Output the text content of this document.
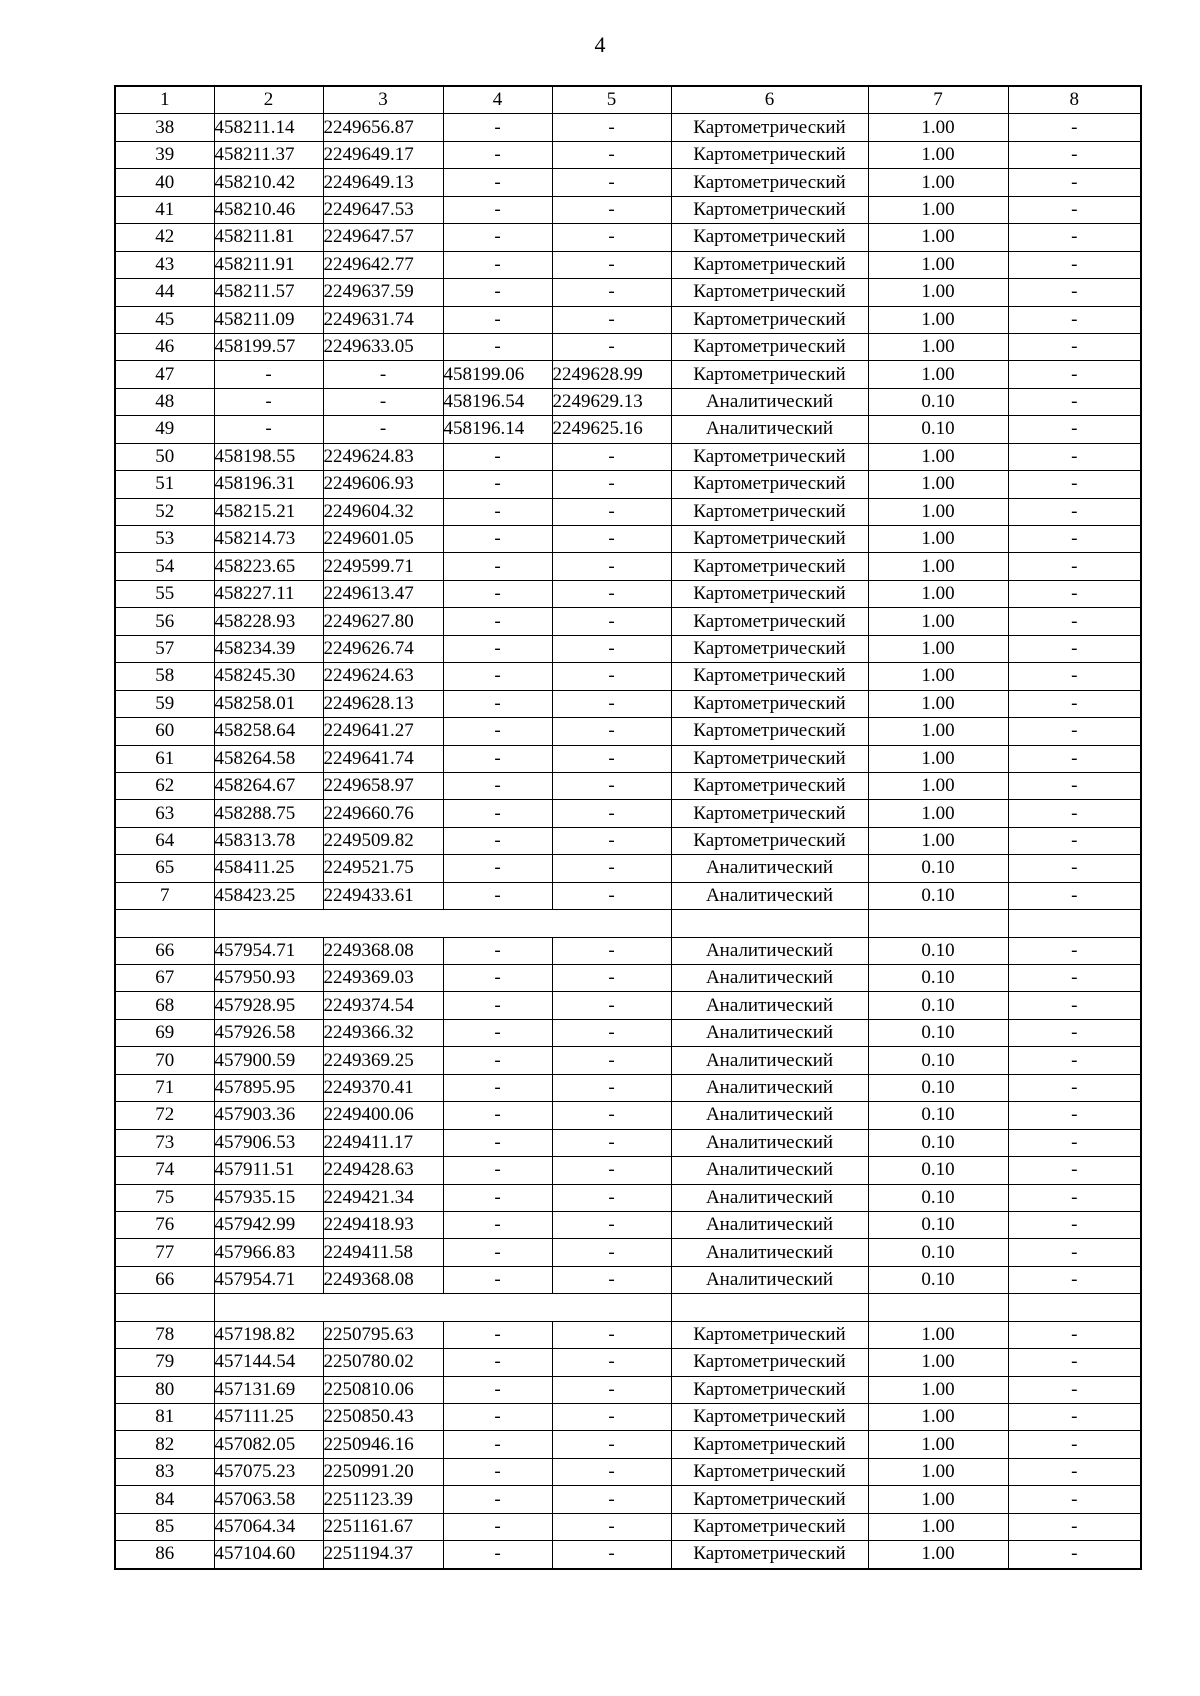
4
1	2	3	4	5	6	7	8
38	458211.14	2249656.87	-	-	Картометрический	1.00	-
39	458211.37	2249649.17	-	-	Картометрический	1.00	-
40	458210.42	2249649.13	-	-	Картометрический	1.00	-
41	458210.46	2249647.53	-	-	Картометрический	1.00	-
42	458211.81	2249647.57	-	-	Картометрический	1.00	-
43	458211.91	2249642.77	-	-	Картометрический	1.00	-
44	458211.57	2249637.59	-	-	Картометрический	1.00	-
45	458211.09	2249631.74	-	-	Картометрический	1.00	-
46	458199.57	2249633.05	-	-	Картометрический	1.00	-
47	-	-	458199.06	2249628.99	Картометрический	1.00	-
48	-	-	458196.54	2249629.13	Аналитический	0.10	-
49	-	-	458196.14	2249625.16	Аналитический	0.10	-
50	458198.55	2249624.83	-	-	Картометрический	1.00	-
51	458196.31	2249606.93	-	-	Картометрический	1.00	-
52	458215.21	2249604.32	-	-	Картометрический	1.00	-
53	458214.73	2249601.05	-	-	Картометрический	1.00	-
54	458223.65	2249599.71	-	-	Картометрический	1.00	-
55	458227.11	2249613.47	-	-	Картометрический	1.00	-
56	458228.93	2249627.80	-	-	Картометрический	1.00	-
57	458234.39	2249626.74	-	-	Картометрический	1.00	-
58	458245.30	2249624.63	-	-	Картометрический	1.00	-
59	458258.01	2249628.13	-	-	Картометрический	1.00	-
60	458258.64	2249641.27	-	-	Картометрический	1.00	-
61	458264.58	2249641.74	-	-	Картометрический	1.00	-
62	458264.67	2249658.97	-	-	Картометрический	1.00	-
63	458288.75	2249660.76	-	-	Картометрический	1.00	-
64	458313.78	2249509.82	-	-	Картометрический	1.00	-
65	458411.25	2249521.75	-	-	Аналитический	0.10	-
7	458423.25	2249433.61	-	-	Аналитический	0.10	-

66	457954.71	2249368.08	-	-	Аналитический	0.10	-
67	457950.93	2249369.03	-	-	Аналитический	0.10	-
68	457928.95	2249374.54	-	-	Аналитический	0.10	-
69	457926.58	2249366.32	-	-	Аналитический	0.10	-
70	457900.59	2249369.25	-	-	Аналитический	0.10	-
71	457895.95	2249370.41	-	-	Аналитический	0.10	-
72	457903.36	2249400.06	-	-	Аналитический	0.10	-
73	457906.53	2249411.17	-	-	Аналитический	0.10	-
74	457911.51	2249428.63	-	-	Аналитический	0.10	-
75	457935.15	2249421.34	-	-	Аналитический	0.10	-
76	457942.99	2249418.93	-	-	Аналитический	0.10	-
77	457966.83	2249411.58	-	-	Аналитический	0.10	-
66	457954.71	2249368.08	-	-	Аналитический	0.10	-

78	457198.82	2250795.63	-	-	Картометрический	1.00	-
79	457144.54	2250780.02	-	-	Картометрический	1.00	-
80	457131.69	2250810.06	-	-	Картометрический	1.00	-
81	457111.25	2250850.43	-	-	Картометрический	1.00	-
82	457082.05	2250946.16	-	-	Картометрический	1.00	-
83	457075.23	2250991.20	-	-	Картометрический	1.00	-
84	457063.58	2251123.39	-	-	Картометрический	1.00	-
85	457064.34	2251161.67	-	-	Картометрический	1.00	-
86	457104.60	2251194.37	-	-	Картометрический	1.00	-
